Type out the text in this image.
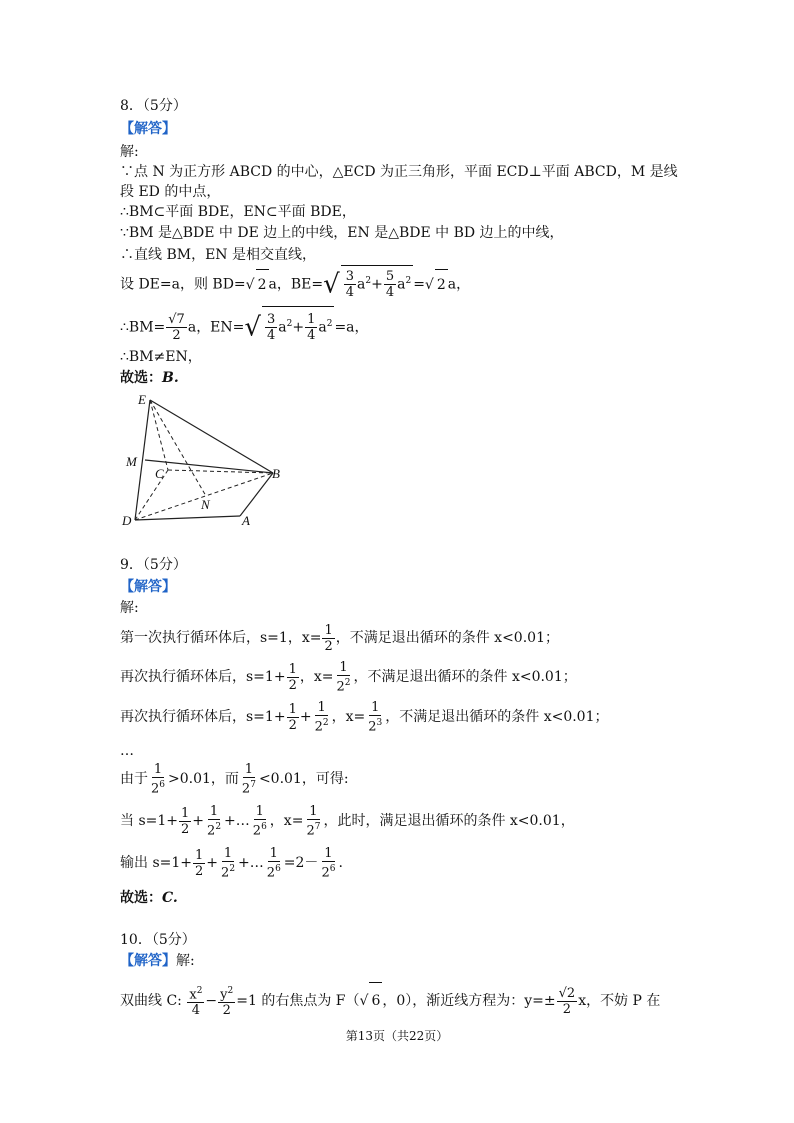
8．（5分）
【解答】
解:
∵点 N 为正方形 ABCD 的中心，△ECD 为正三角形，平面 ECD⊥平面 ABCD，M 是线
段 ED 的中点，
∴BM⊂平面 BDE，EN⊂平面 BDE，
∵BM 是△BDE 中 DE 边上的中线，EN 是△BDE 中 BD 边上的中线，
∴直线 BM，EN 是相交直线，
设 DE=a，则 BD=√ 2 a，$BE=√ \frac{3}{4} a^2+ \frac{5}{4} a^2$ =√ 2 a，
∴BM= $\frac{√7}{2}$ a，$EN=√ \frac{3}{4} a^2+ \frac{1}{4} a^2 =a$，
∴BM≠EN，
故选：B.
E
M
C	B
N
D	A
9．（5分）
【解答】
解:
第一次执行循环体后，s=1，$x= \frac{1}{2}$ ，不满足退出循环的条件 x<0.01；
再次执行循环体后，$s=1+ \frac{1}{2}$ ，$x= \frac{1}{2^2}$ ，不满足退出循环的条件 x<0.01；
再次执行循环体后，$s=1+ \frac{1}{2} + \frac{1}{2^2}$ ，$x= \frac{1}{2^3}$ ，不满足退出循环的条件 x<0.01；
…
由于 $\frac{1}{2^6} >0.01$，而 $\frac{1}{2^7} <0.01$，可得:
当 $s=1+ \frac{1}{2} + \frac{1}{2^2}$ +… $\frac{1}{2^6}$ ，$x= \frac{1}{2^7}$ ，此时，满足退出循环的条件 x<0.01，
输出 $s=1+ \frac{1}{2} + \frac{1}{2^2}$ +… $\frac{1}{2^6} =2- \frac{1}{2^6}$ .
故选：C.
10．（5分）
【解答】解:
双曲线 C: $\frac{x^2}{4} - \frac{y^2}{2} =1$ 的右焦点为 F（√ 6 ，0），渐近线方程为：$y=\pm \frac{√2}{2}$ x，不妨 P 在
第13页（共22页）
